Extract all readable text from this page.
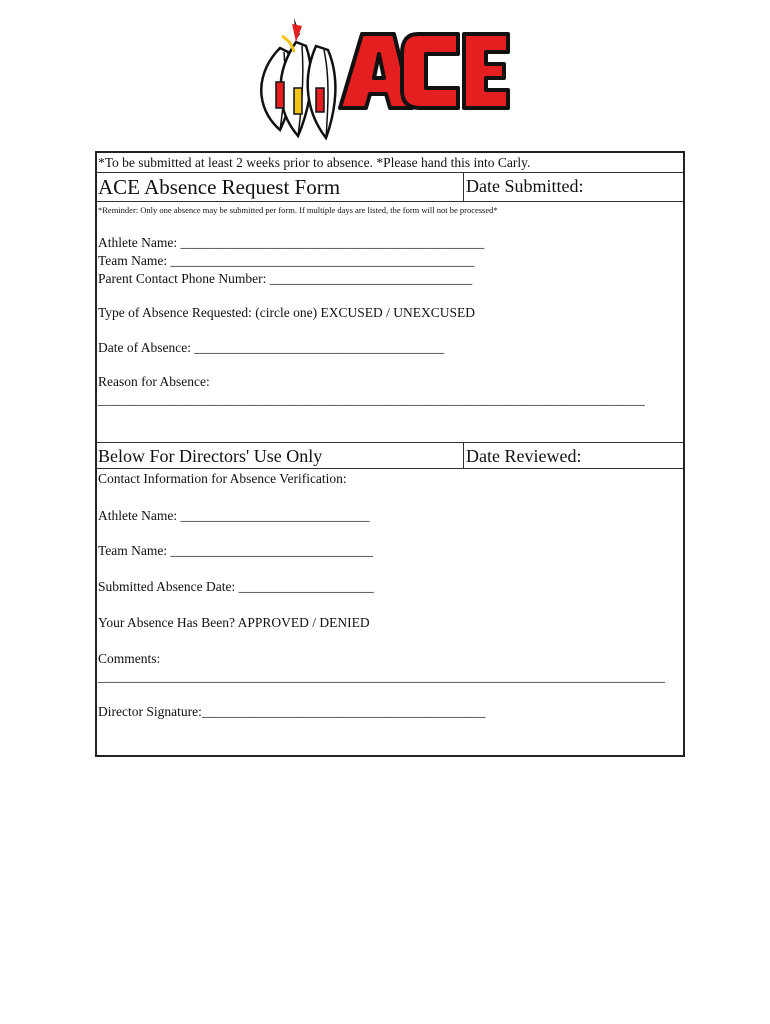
ACE
*To be submitted at least 2 weeks prior to absence. *Please hand this into Carly.
ACE Absence Request Form	Date Submitted:
*Reminder: Only one absence may be submitted per form. If multiple days are listed, the form will not be processed*
Athlete Name: _____________________________________________
Team Name: _____________________________________________
Parent Contact Phone Number: ______________________________
Type of Absence Requested: (circle one) EXCUSED / UNEXCUSED
Date of Absence: _____________________________________
Reason for Absence:
_________________________________________________________________________________
Below For Directors' Use Only	Date Reviewed:
Contact Information for Absence Verification:
Athlete Name: ____________________________
Team Name: ______________________________
Submitted Absence Date: ____________________
Your Absence Has Been? APPROVED / DENIED
Comments:
____________________________________________________________________________________
Director Signature:__________________________________________
